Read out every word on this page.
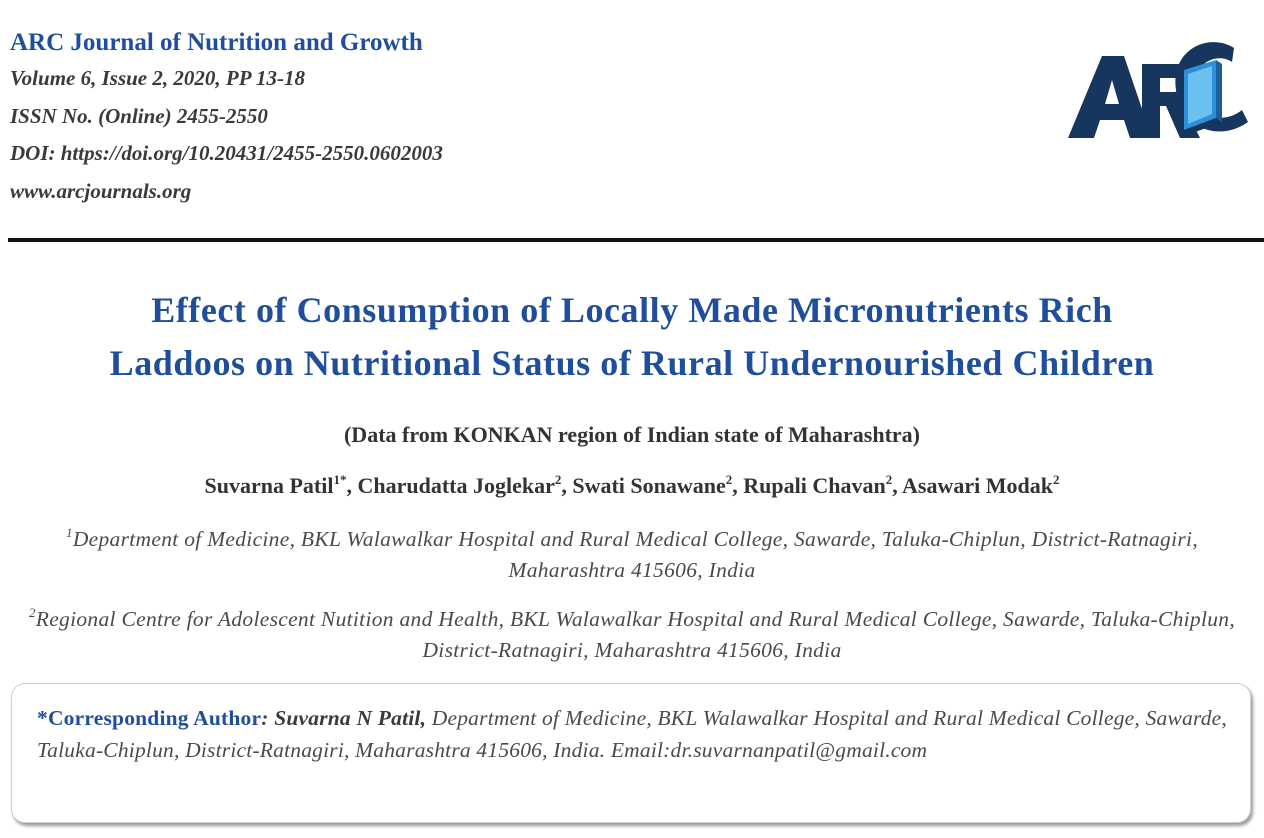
ARC Journal of Nutrition and Growth
Volume 6, Issue 2, 2020, PP 13-18
ISSN No. (Online) 2455-2550
DOI: https://doi.org/10.20431/2455-2550.0602003
www.arcjournals.org
ARC
Effect of Consumption of Locally Made Micronutrients Rich
Laddoos on Nutritional Status of Rural Undernourished Children
(Data from KONKAN region of Indian state of Maharashtra)
Suvarna Patil$^{1*}$, Charudatta Joglekar$^2$, Swati Sonawane$^2$, Rupali Chavan$^2$, Asawari Modak$^2$
$^1$Department of Medicine, BKL Walawalkar Hospital and Rural Medical College, Sawarde, Taluka-Chiplun, District-Ratnagiri, Maharashtra 415606, India
$^2$Regional Centre for Adolescent Nutition and Health, BKL Walawalkar Hospital and Rural Medical College, Sawarde, Taluka-Chiplun, District-Ratnagiri, Maharashtra 415606, India
*Corresponding Author: Suvarna N Patil, Department of Medicine, BKL Walawalkar Hospital and Rural Medical College, Sawarde, Taluka-Chiplun, District-Ratnagiri, Maharashtra 415606, India. Email:dr.suvarnanpatil@gmail.com
